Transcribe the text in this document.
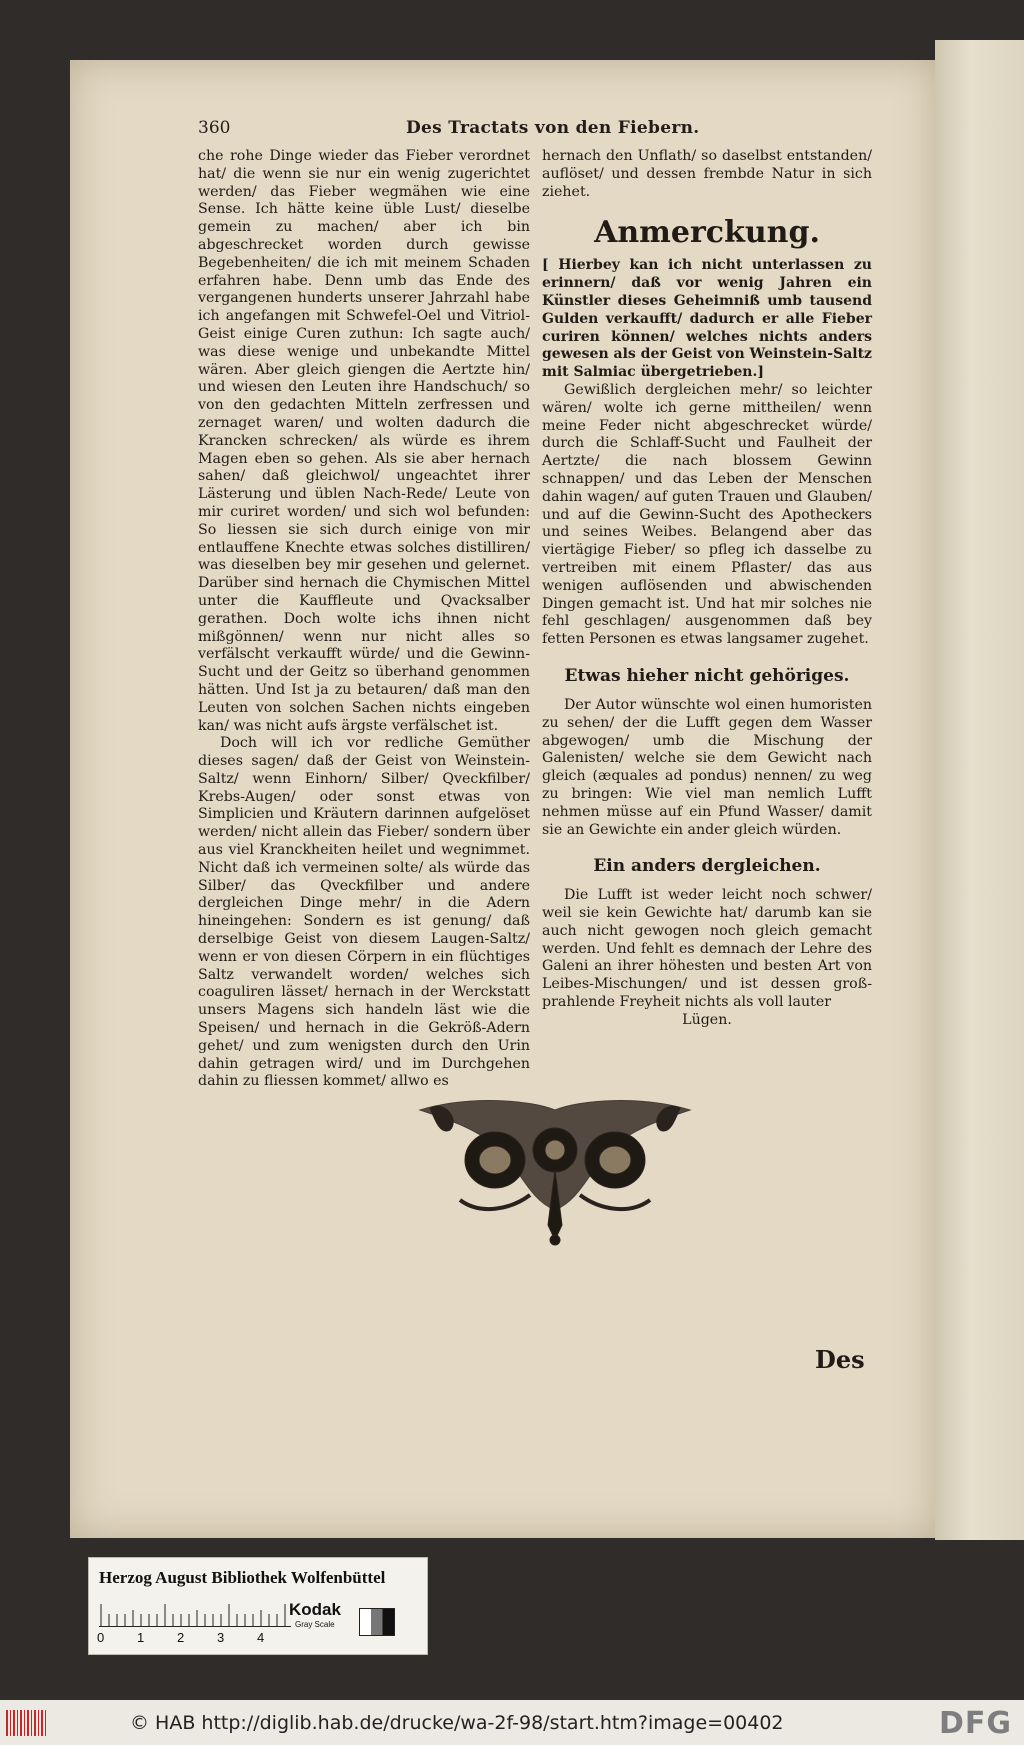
360	Des Tractats von den Fiebern.

che rohe Dinge wieder das Fieber verordnet hat/ die wenn sie nur ein wenig zugerichtet werden/ das Fieber wegmähen wie eine Sense. Ich hätte keine üble Lust/ dieselbe gemein zu machen/ aber ich bin abgeschrecket worden durch gewisse Begebenheiten/ die ich mit meinem Schaden erfahren habe. Denn umb das Ende des vergangenen hunderts unserer Jahrzahl habe ich angefangen mit Schwefel-Oel und Vitriol-Geist einige Curen zuthun: Ich sagte auch/ was diese wenige und unbekandte Mittel wären. Aber gleich giengen die Aertzte hin/ und wiesen den Leuten ihre Handschuch/ so von den gedachten Mitteln zerfressen und zernaget waren/ und wolten dadurch die Krancken schrecken/ als würde es ihrem Magen eben so gehen. Als sie aber hernach sahen/ daß gleichwol/ ungeachtet ihrer Lästerung und üblen Nach-Rede/ Leute von mir curiret worden/ und sich wol befunden: So liessen sie sich durch einige von mir entlauffene Knechte etwas solches distilliren/ was dieselben bey mir gesehen und gelernet. Darüber sind hernach die Chymischen Mittel unter die Kauffleute und Qvacksalber gerathen. Doch wolte ichs ihnen nicht mißgönnen/ wenn nur nicht alles so verfälscht verkaufft würde/ und die Gewinn-Sucht und der Geitz so überhand genommen hätten. Und Ist ja zu betauren/ daß man den Leuten von solchen Sachen nichts eingeben kan/ was nicht aufs ärgste verfälschet ist.

Doch will ich vor redliche Gemüther dieses sagen/ daß der Geist von Weinstein-Saltz/ wenn Einhorn/ Silber/ Qveckfilber/ Krebs-Augen/ oder sonst etwas von Simplicien und Kräutern darinnen aufgelöset werden/ nicht allein das Fieber/ sondern über aus viel Kranckheiten heilet und wegnimmet. Nicht daß ich vermeinen solte/ als würde das Silber/ das Qveckfilber und andere dergleichen Dinge mehr/ in die Adern hineingehen: Sondern es ist genung/ daß derselbige Geist von diesem Laugen-Saltz/ wenn er von diesen Cörpern in ein flüchtiges Saltz verwandelt worden/ welches sich coaguliren lässet/ hernach in der Werckstatt unsers Magens sich handeln läst wie die Speisen/ und hernach in die Gekröß-Adern gehet/ und zum wenigsten durch den Urin dahin getragen wird/ und im Durchgehen dahin zu fliessen kommet/ allwo es

hernach den Unflath/ so daselbst entstanden/ auflöset/ und dessen frembde Natur in sich ziehet.

Anmerckung.

[ Hierbey kan ich nicht unterlassen zu erinnern/ daß vor wenig Jahren ein Künstler dieses Geheimniß umb tausend Gulden verkaufft/ dadurch er alle Fieber curiren können/ welches nichts anders gewesen als der Geist von Weinstein-Saltz mit Salmiac übergetrieben.]

Gewißlich dergleichen mehr/ so leichter wären/ wolte ich gerne mittheilen/ wenn meine Feder nicht abgeschrecket würde/ durch die Schlaff-Sucht und Faulheit der Aertzte/ die nach blossem Gewinn schnappen/ und das Leben der Menschen dahin wagen/ auf guten Trauen und Glauben/ und auf die Gewinn-Sucht des Apotheckers und seines Weibes. Belangend aber das viertägige Fieber/ so pfleg ich dasselbe zu vertreiben mit einem Pflaster/ das aus wenigen auflösenden und abwischenden Dingen gemacht ist. Und hat mir solches nie fehl geschlagen/ ausgenommen daß bey fetten Personen es etwas langsamer zugehet.

Etwas hieher nicht gehöriges.

Der Autor wünschte wol einen humoristen zu sehen/ der die Lufft gegen dem Wasser abgewogen/ umb die Mischung der Galenisten/ welche sie dem Gewicht nach gleich (æquales ad pondus) nennen/ zu weg zu bringen: Wie viel man nemlich Lufft nehmen müsse auf ein Pfund Wasser/ damit sie an Gewichte ein ander gleich würden.

Ein anders dergleichen.

Die Lufft ist weder leicht noch schwer/ weil sie kein Gewichte hat/ darumb kan sie auch nicht gewogen noch gleich gemacht werden. Und fehlt es demnach der Lehre des Galeni an ihrer höhesten und besten Art von Leibes-Mischungen/ und ist dessen groß-prahlende Freyheit nichts als voll lauter

Lügen.

Des
Herzog August Bibliothek Wolfenbüttel
0	1	2	3	4
Kodak
Gray Scale
© HAB http://diglib.hab.de/drucke/wa-2f-98/start.htm?image=00402	DFG
